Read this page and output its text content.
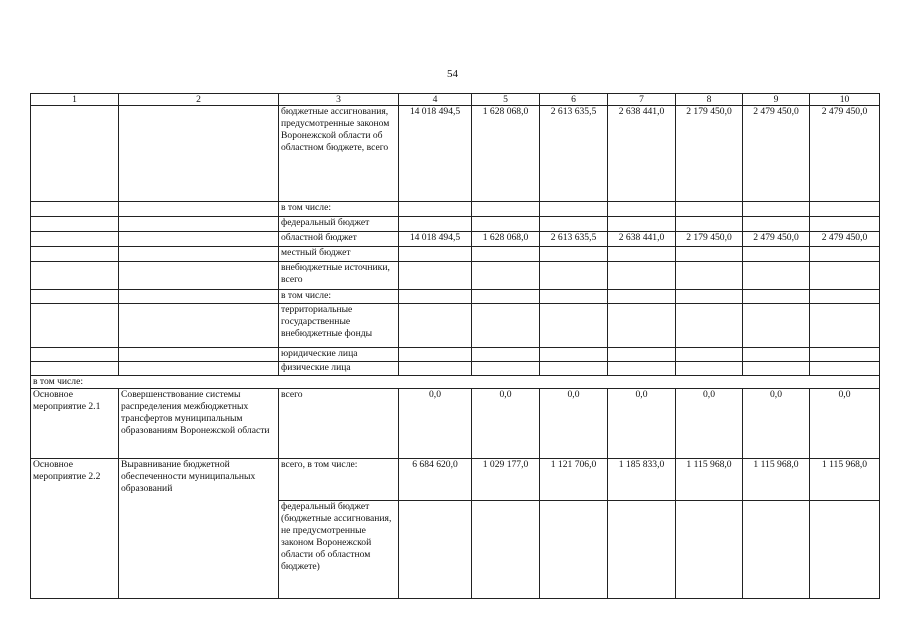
54
1	2	3	4	5	6	7	8	9	10
		бюджетные ассигнования, предусмотренные законом Воронежской области об областном бюджете, всего	14 018 494,5	1 628 068,0	2 613 635,5	2 638 441,0	2 179 450,0	2 479 450,0	2 479 450,0
		в том числе:							
		федеральный бюджет							
		областной бюджет	14 018 494,5	1 628 068,0	2 613 635,5	2 638 441,0	2 179 450,0	2 479 450,0	2 479 450,0
		местный бюджет							
		внебюджетные источники, всего							
		в том числе:							
		территориальные государственные внебюджетные фонды							
		юридические лица							
		физические лица							
в том числе:									
Основное мероприятие 2.1	Совершенствование системы распределения межбюджетных трансфертов муниципальным образованиям Воронежской области	всего	0,0	0,0	0,0	0,0	0,0	0,0	0,0
Основное мероприятие 2.2	Выравнивание бюджетной обеспеченности муниципальных образований	всего, в том числе:	6 684 620,0	1 029 177,0	1 121 706,0	1 185 833,0	1 115 968,0	1 115 968,0	1 115 968,0
		федеральный бюджет (бюджетные ассигнования, не предусмотренные законом Воронежской области об областном бюджете)							
